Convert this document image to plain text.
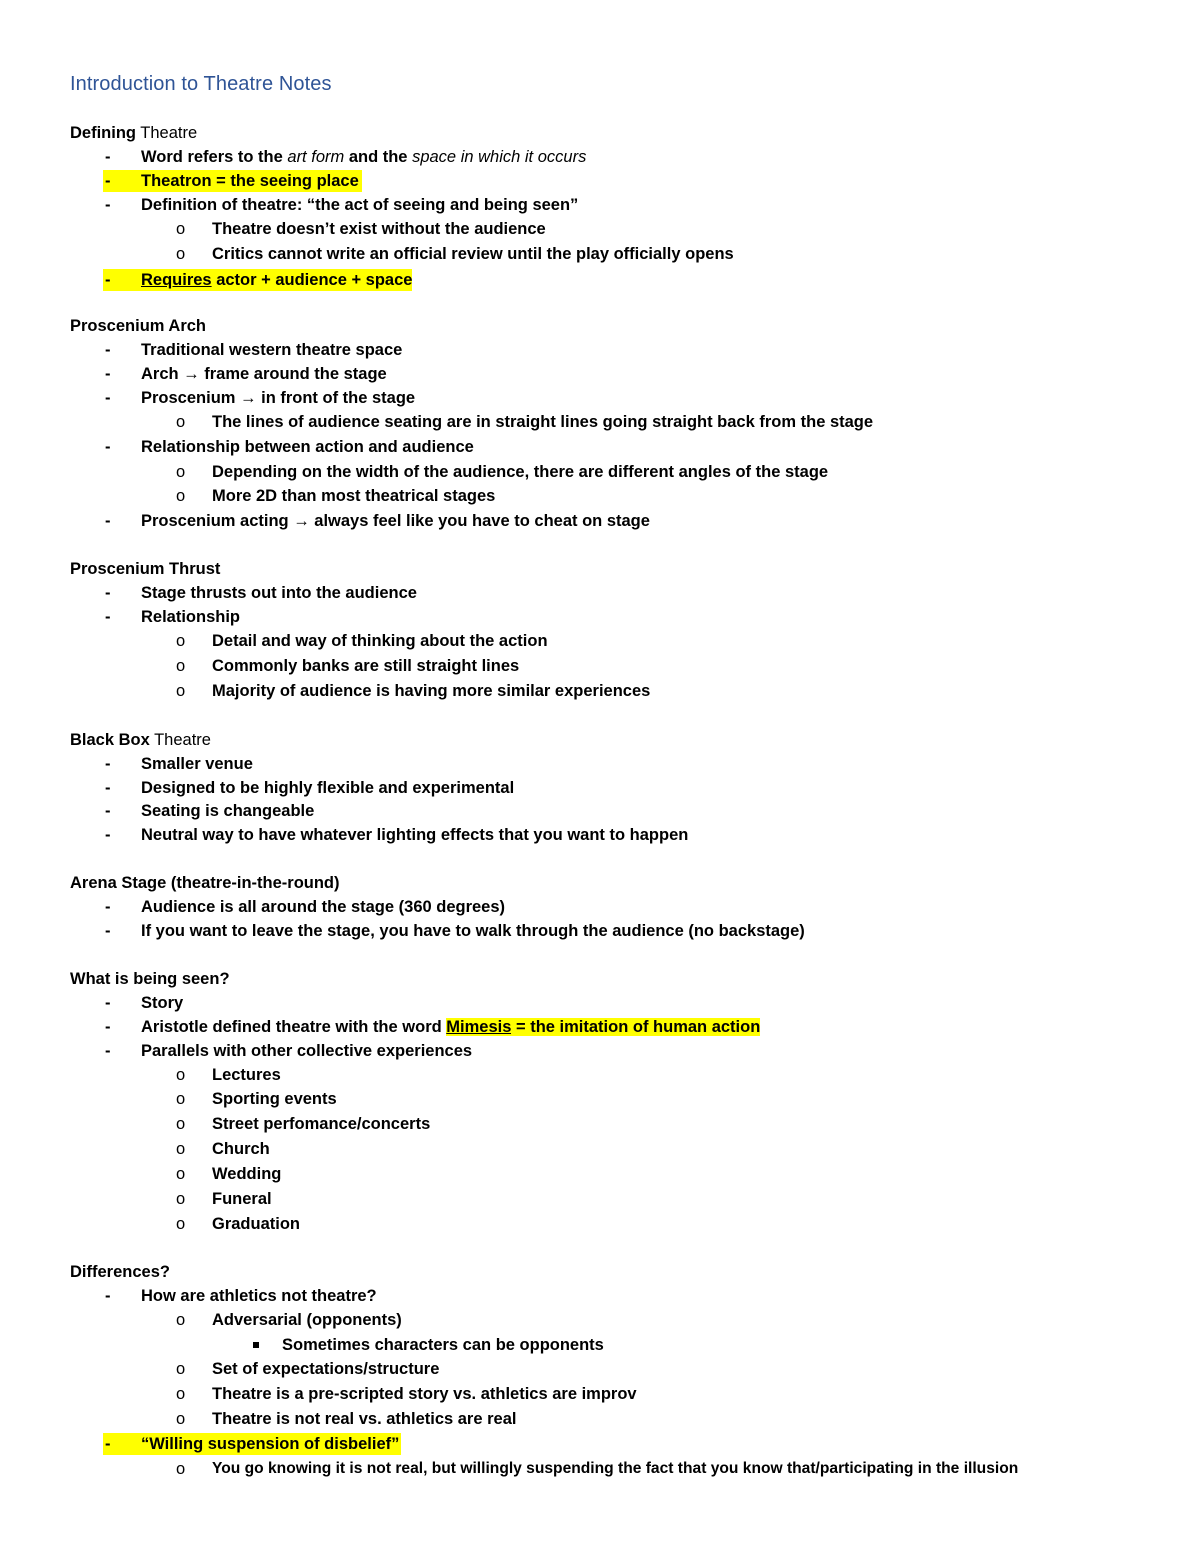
Introduction to Theatre Notes
Defining Theatre
- Word refers to the art form and the space in which it occurs
- Theatron = the seeing place
- Definition of theatre: “the act of seeing and being seen”
o Theatre doesn’t exist without the audience
o Critics cannot write an official review until the play officially opens
- Requires actor + audience + space
Proscenium Arch
- Traditional western theatre space
- Arch → frame around the stage
- Proscenium → in front of the stage
o The lines of audience seating are in straight lines going straight back from the stage
- Relationship between action and audience
o Depending on the width of the audience, there are different angles of the stage
o More 2D than most theatrical stages
- Proscenium acting → always feel like you have to cheat on stage
Proscenium Thrust
- Stage thrusts out into the audience
- Relationship
o Detail and way of thinking about the action
o Commonly banks are still straight lines
o Majority of audience is having more similar experiences
Black Box Theatre
- Smaller venue
- Designed to be highly flexible and experimental
- Seating is changeable
- Neutral way to have whatever lighting effects that you want to happen
Arena Stage (theatre-in-the-round)
- Audience is all around the stage (360 degrees)
- If you want to leave the stage, you have to walk through the audience (no backstage)
What is being seen?
- Story
- Aristotle defined theatre with the word Mimesis = the imitation of human action
- Parallels with other collective experiences
o Lectures
o Sporting events
o Street perfomance/concerts
o Church
o Wedding
o Funeral
o Graduation
Differences?
- How are athletics not theatre?
o Adversarial (opponents)
Sometimes characters can be opponents
o Set of expectations/structure
o Theatre is a pre-scripted story vs. athletics are improv
o Theatre is not real vs. athletics are real
- “Willing suspension of disbelief”
o You go knowing it is not real, but willingly suspending the fact that you know that/participating in the illusion
